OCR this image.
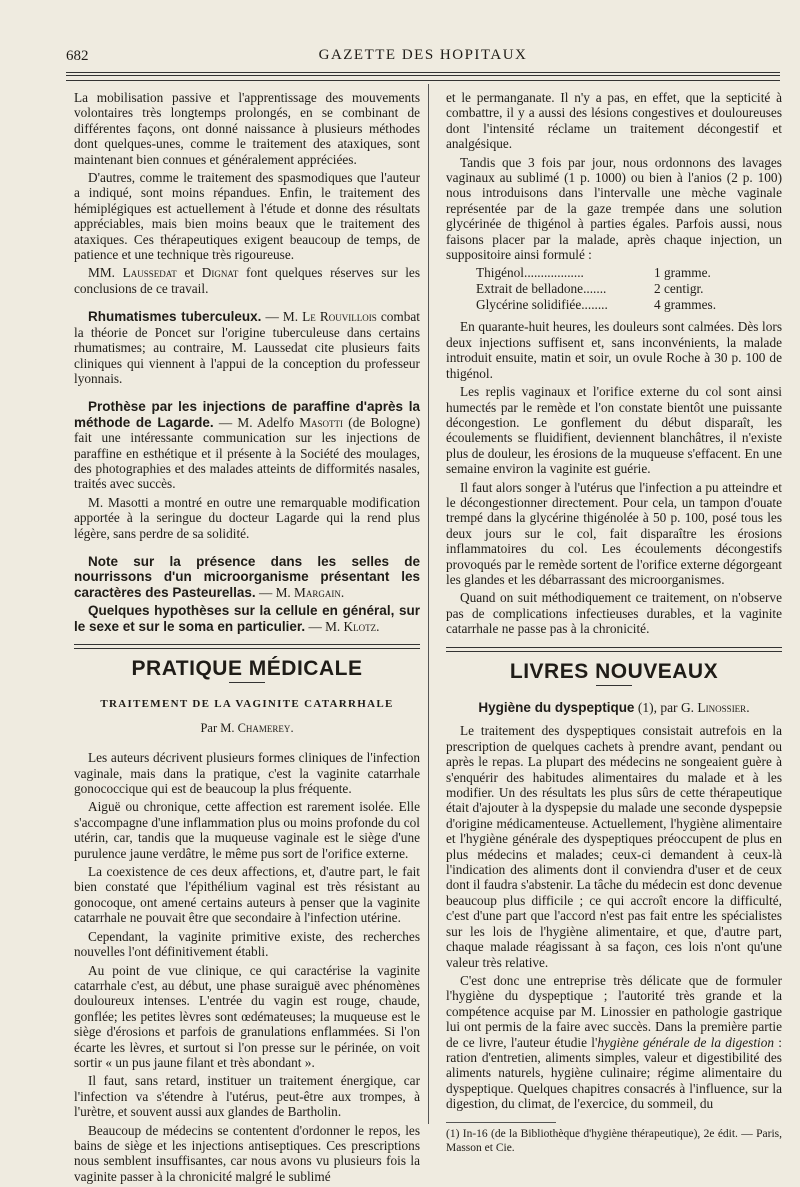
682	GAZETTE DES HOPITAUX

La mobilisation passive et l'apprentissage des mouvements volontaires très longtemps prolongés, en se combinant de différentes façons, ont donné naissance à plusieurs méthodes dont quelques-unes, comme le traitement des ataxiques, sont maintenant bien connues et généralement appréciées.

D'autres, comme le traitement des spasmodiques que l'auteur a indiqué, sont moins répandues. Enfin, le traitement des hémiplégiques est actuellement à l'étude et donne des résultats appréciables, mais bien moins beaux que le traitement des ataxiques. Ces thérapeutiques exigent beaucoup de temps, de patience et une technique très rigoureuse.

MM. Laussedat et Dignat font quelques réserves sur les conclusions de ce travail.

Rhumatismes tuberculeux. — M. Le Rouvillois combat la théorie de Poncet sur l'origine tuberculeuse dans certains rhumatismes; au contraire, M. Laussedat cite plusieurs faits cliniques qui viennent à l'appui de la conception du professeur lyonnais.

Prothèse par les injections de paraffine d'après la méthode de Lagarde. — M. Adelfo Masotti (de Bologne) fait une intéressante communication sur les injections de paraffine en esthétique et il présente à la Société des moulages, des photographies et des malades atteints de difformités nasales, traités avec succès.

M. Masotti a montré en outre une remarquable modification apportée à la seringue du docteur Lagarde qui la rend plus légère, sans perdre de sa solidité.

Note sur la présence dans les selles de nourrissons d'un microorganisme présentant les caractères des Pasteurellas. — M. Margain.

Quelques hypothèses sur la cellule en général, sur le sexe et sur le soma en particulier. — M. Klotz.

PRATIQUE MÉDICALE
TRAITEMENT DE LA VAGINITE CATARRHALE
Par M. Chamerey.

Les auteurs décrivent plusieurs formes cliniques de l'infection vaginale, mais dans la pratique, c'est la vaginite catarrhale gonococcique qui est de beaucoup la plus fréquente.

Aiguë ou chronique, cette affection est rarement isolée. Elle s'accompagne d'une inflammation plus ou moins profonde du col utérin, car, tandis que la muqueuse vaginale est le siège d'une purulence jaune verdâtre, le même pus sort de l'orifice externe.

La coexistence de ces deux affections, et, d'autre part, le fait bien constaté que l'épithélium vaginal est très résistant au gonocoque, ont amené certains auteurs à penser que la vaginite catarrhale ne pouvait être que secondaire à l'infection utérine.

Cependant, la vaginite primitive existe, des recherches nouvelles l'ont définitivement établi.

Au point de vue clinique, ce qui caractérise la vaginite catarrhale c'est, au début, une phase suraiguë avec phénomènes douloureux intenses. L'entrée du vagin est rouge, chaude, gonflée; les petites lèvres sont œdémateuses; la muqueuse est le siège d'érosions et parfois de granulations enflammées. Si l'on écarte les lèvres, et surtout si l'on presse sur le périnée, on voit sortir « un pus jaune filant et très abondant ».

Il faut, sans retard, instituer un traitement énergique, car l'infection va s'étendre à l'utérus, peut-être aux trompes, à l'urètre, et souvent aussi aux glandes de Bartholin.

Beaucoup de médecins se contentent d'ordonner le repos, les bains de siège et les injections antiseptiques. Ces prescriptions nous semblent insuffisantes, car nous avons vu plusieurs fois la vaginite passer à la chronicité malgré le sublimé

et le permanganate. Il n'y a pas, en effet, que la septicité à combattre, il y a aussi des lésions congestives et douloureuses dont l'intensité réclame un traitement décongestif et analgésique.

Tandis que 3 fois par jour, nous ordonnons des lavages vaginaux au sublimé (1 p. 1000) ou bien à l'anios (2 p. 100) nous introduisons dans l'intervalle une mèche vaginale représentée par de la gaze trempée dans une solution glycérinée de thigénol à parties égales. Parfois aussi, nous faisons placer par la malade, après chaque injection, un suppositoire ainsi formulé :

Thigénol..................	1 gramme.
Extrait de belladone.......	2 centigr.
Glycérine solidifiée........	4 grammes.

En quarante-huit heures, les douleurs sont calmées. Dès lors deux injections suffisent et, sans inconvénients, la malade introduit ensuite, matin et soir, un ovule Roche à 30 p. 100 de thigénol.

Les replis vaginaux et l'orifice externe du col sont ainsi humectés par le remède et l'on constate bientôt une puissante décongestion. Le gonflement du début disparaît, les écoulements se fluidifient, deviennent blanchâtres, il n'existe plus de douleur, les érosions de la muqueuse s'effacent. En une semaine environ la vaginite est guérie.

Il faut alors songer à l'utérus que l'infection a pu atteindre et le décongestionner directement. Pour cela, un tampon d'ouate trempé dans la glycérine thigénolée à 50 p. 100, posé tous les deux jours sur le col, fait disparaître les érosions inflammatoires du col. Les écoulements décongestifs provoqués par le remède sortent de l'orifice externe dégorgeant les glandes et les débarrassant des microorganismes.

Quand on suit méthodiquement ce traitement, on n'observe pas de complications infectieuses durables, et la vaginite catarrhale ne passe pas à la chronicité.

LIVRES NOUVEAUX
Hygiène du dyspeptique (1), par G. Linossier.

Le traitement des dyspeptiques consistait autrefois en la prescription de quelques cachets à prendre avant, pendant ou après le repas. La plupart des médecins ne songeaient guère à s'enquérir des habitudes alimentaires du malade et à les modifier. Un des résultats les plus sûrs de cette thérapeutique était d'ajouter à la dyspepsie du malade une seconde dyspepsie d'origine médicamenteuse. Actuellement, l'hygiène alimentaire et l'hygiène générale des dyspeptiques préoccupent de plus en plus médecins et malades; ceux-ci demandent à ceux-là l'indication des aliments dont il conviendra d'user et de ceux dont il faudra s'abstenir. La tâche du médecin est donc devenue beaucoup plus difficile ; ce qui accroît encore la difficulté, c'est d'une part que l'accord n'est pas fait entre les spécialistes sur les lois de l'hygiène alimentaire, et que, d'autre part, chaque malade réagissant à sa façon, ces lois n'ont qu'une valeur très relative.

C'est donc une entreprise très délicate que de formuler l'hygiène du dyspeptique ; l'autorité très grande et la compétence acquise par M. Linossier en pathologie gastrique lui ont permis de la faire avec succès. Dans la première partie de ce livre, l'auteur étudie l'hygiène générale de la digestion : ration d'entretien, aliments simples, valeur et digestibilité des aliments naturels, hygiène culinaire; régime alimentaire du dyspeptique. Quelques chapitres consacrés à l'influence, sur la digestion, du climat, de l'exercice, du sommeil, du

(1) In-16 (de la Bibliothèque d'hygiène thérapeutique), 2e édit. — Paris, Masson et Cie.
